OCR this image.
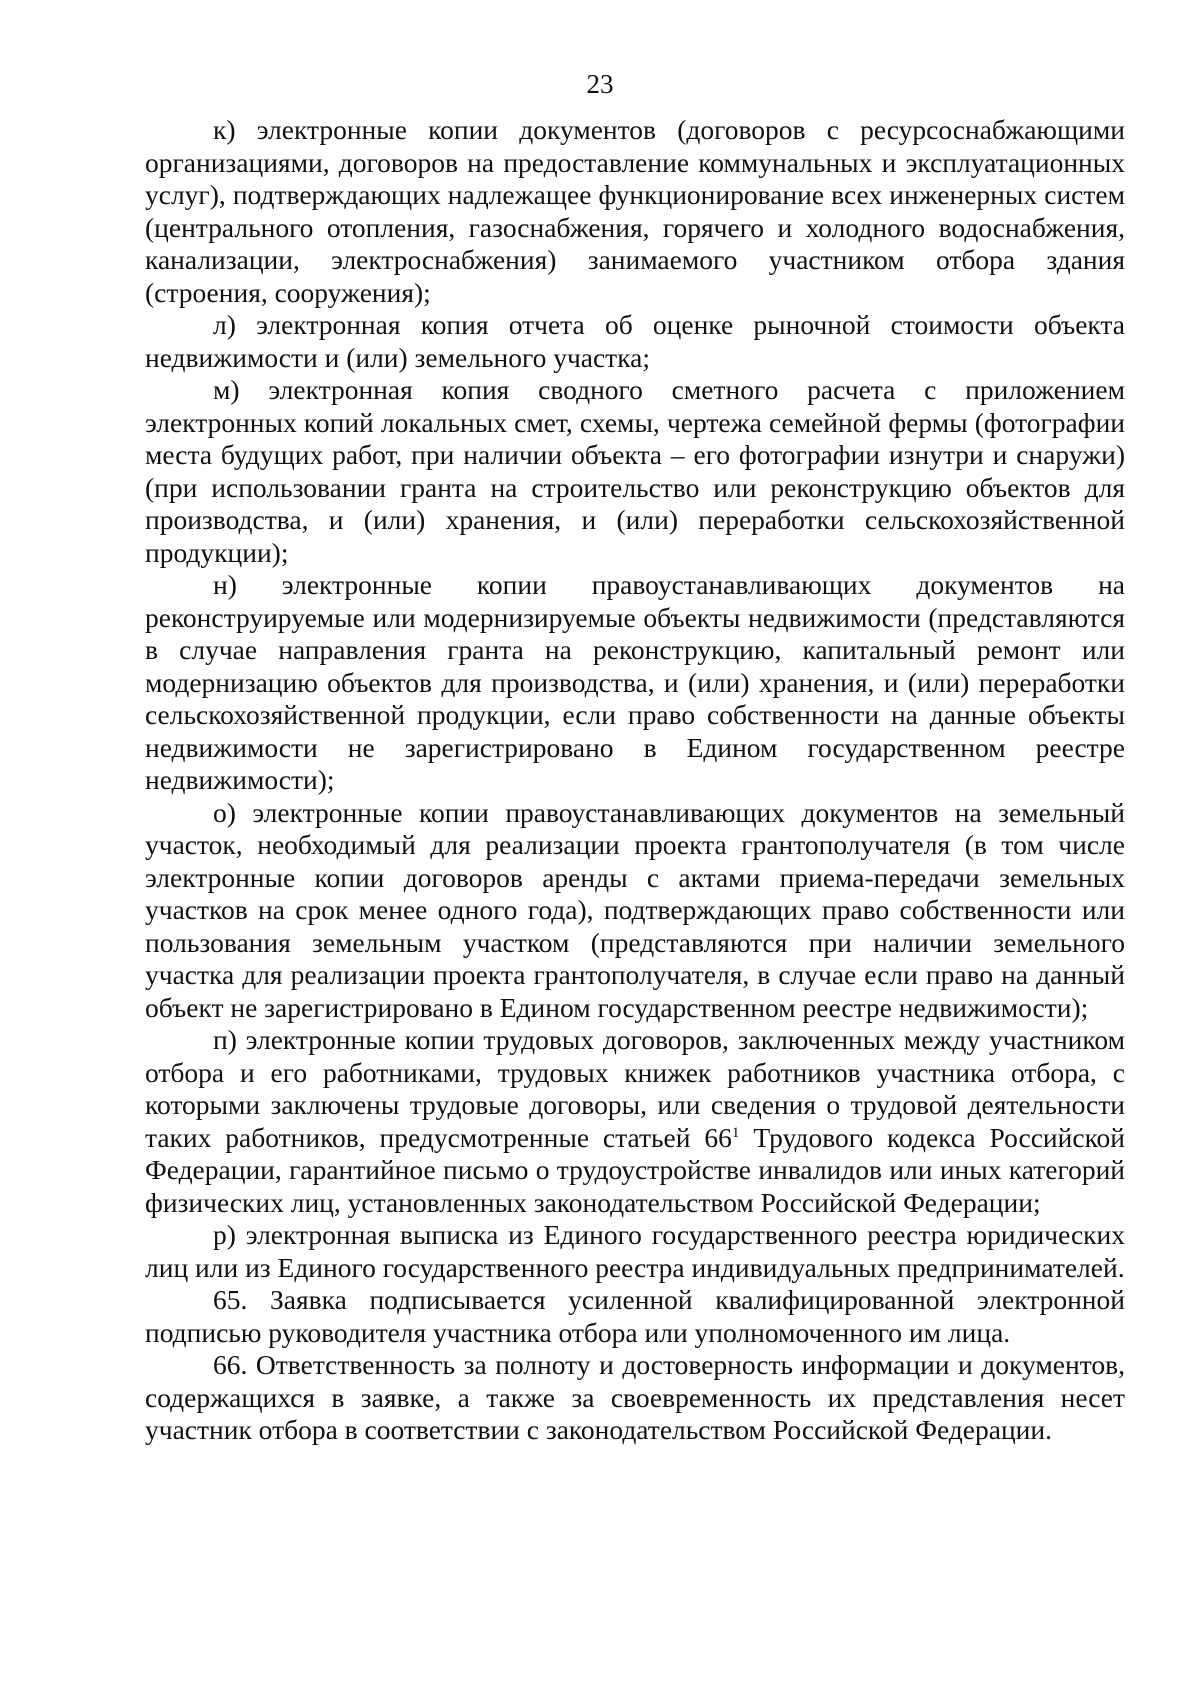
23

к) электронные копии документов (договоров с ресурсоснабжающими организациями, договоров на предоставление коммунальных и эксплуатационных услуг), подтверждающих надлежащее функционирование всех инженерных систем (центрального отопления, газоснабжения, горячего и холодного водоснабжения, канализации, электроснабжения) занимаемого участником отбора здания (строения, сооружения);

л) электронная копия отчета об оценке рыночной стоимости объекта недвижимости и (или) земельного участка;

м) электронная копия сводного сметного расчета с приложением электронных копий локальных смет, схемы, чертежа семейной фермы (фотографии места будущих работ, при наличии объекта – его фотографии изнутри и снаружи) (при использовании гранта на строительство или реконструкцию объектов для производства, и (или) хранения, и (или) переработки сельскохозяйственной продукции);

н) электронные копии правоустанавливающих документов на реконструируемые или модернизируемые объекты недвижимости (представляются в случае направления гранта на реконструкцию, капитальный ремонт или модернизацию объектов для производства, и (или) хранения, и (или) переработки сельскохозяйственной продукции, если право собственности на данные объекты недвижимости не зарегистрировано в Едином государственном реестре недвижимости);

о) электронные копии правоустанавливающих документов на земельный участок, необходимый для реализации проекта грантополучателя (в том числе электронные копии договоров аренды с актами приема-передачи земельных участков на срок менее одного года), подтверждающих право собственности или пользования земельным участком (представляются при наличии земельного участка для реализации проекта грантополучателя, в случае если право на данный объект не зарегистрировано в Едином государственном реестре недвижимости);

п) электронные копии трудовых договоров, заключенных между участником отбора и его работниками, трудовых книжек работников участника отбора, с которыми заключены трудовые договоры, или сведения о трудовой деятельности таких работников, предусмотренные статьей $66^1$ Трудового кодекса Российской Федерации, гарантийное письмо о трудоустройстве инвалидов или иных категорий физических лиц, установленных законодательством Российской Федерации;

р) электронная выписка из Единого государственного реестра юридических лиц или из Единого государственного реестра индивидуальных предпринимателей.

65. Заявка подписывается усиленной квалифицированной электронной подписью руководителя участника отбора или уполномоченного им лица.

66. Ответственность за полноту и достоверность информации и документов, содержащихся в заявке, а также за своевременность их представления несет участник отбора в соответствии с законодательством Российской Федерации.
